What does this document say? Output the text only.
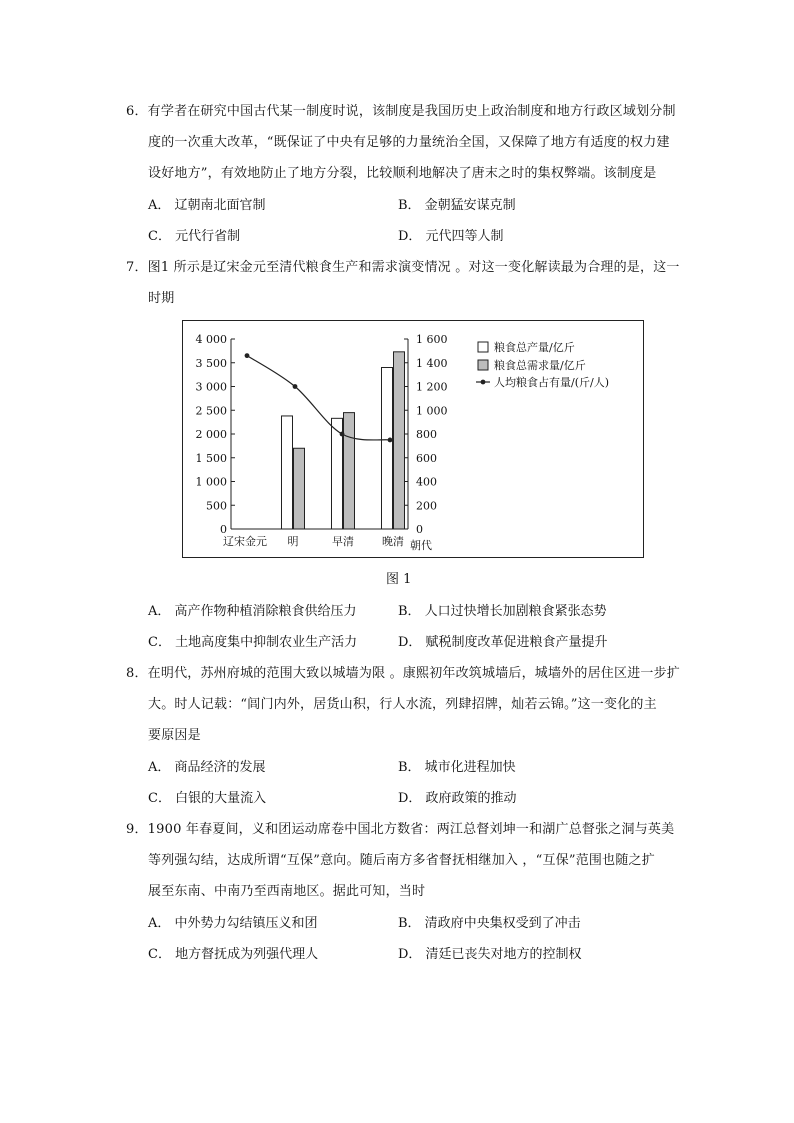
6．有学者在研究中国古代某一制度时说，该制度是我国历史上政治制度和地方行政区域划分制
度的一次重大改革，“既保证了中央有足够的力量统治全国，又保障了地方有适度的权力建
设好地方”，有效地防止了地方分裂，比较顺利地解决了唐末之时的集权弊端。该制度是
A． 辽朝南北面官制	B． 金朝猛安谋克制
C． 元代行省制	D． 元代四等人制
7．图1 所示是辽宋金元至清代粮食生产和需求演变情况 。对这一变化解读最为合理的是，这一
时期
4 000
3 500
3 000
2 500
2 000
1 500
1 000
500
0
1 600
1 400
1 200
1 000
800
600
400
200
0
辽宋金元 明	早清	晚清 朝代
粮食总产量/亿斤
粮食总需求量/亿斤
人均粮食占有量/(斤/人)
图 1
A． 高产作物种植消除粮食供给压力	B． 人口过快增长加剧粮食紧张态势
C． 土地高度集中抑制农业生产活力	D． 赋税制度改革促进粮食产量提升
8．在明代，苏州府城的范围大致以城墙为限 。康熙初年改筑城墙后，城墙外的居住区进一步扩
大。时人记载：“闾门内外，居货山积，行人水流，列肆招牌，灿若云锦。”这一变化的主
要原因是
A． 商品经济的发展	B． 城市化进程加快
C． 白银的大量流入	D． 政府政策的推动
9．1900 年春夏间，义和团运动席卷中国北方数省：两江总督刘坤一和湖广总督张之洞与英美
等列强勾结，达成所谓“互保”意向。随后南方多省督抚相继加入 ，“互保”范围也随之扩
展至东南、中南乃至西南地区。据此可知，当时
A． 中外势力勾结镇压义和团	B． 清政府中央集权受到了冲击
C． 地方督抚成为列强代理人	D． 清廷已丧失对地方的控制权
